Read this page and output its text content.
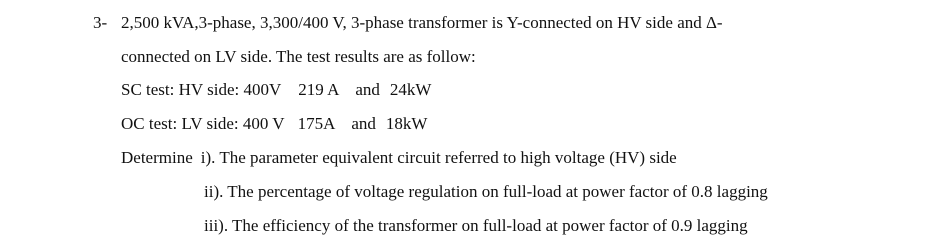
3- 2,500 kVA,3-phase, 3,300/400 V, 3-phase transformer is Y-connected on HV side and Δ-
connected on LV side. The test results are as follow:
SC test: HV side: 400V 219 A and 24kW
OC test: LV side: 400 V 175A and 18kW
Determine i). The parameter equivalent circuit referred to high voltage (HV) side
ii). The percentage of voltage regulation on full-load at power factor of 0.8 lagging
iii). The efficiency of the transformer on full-load at power factor of 0.9 lagging
